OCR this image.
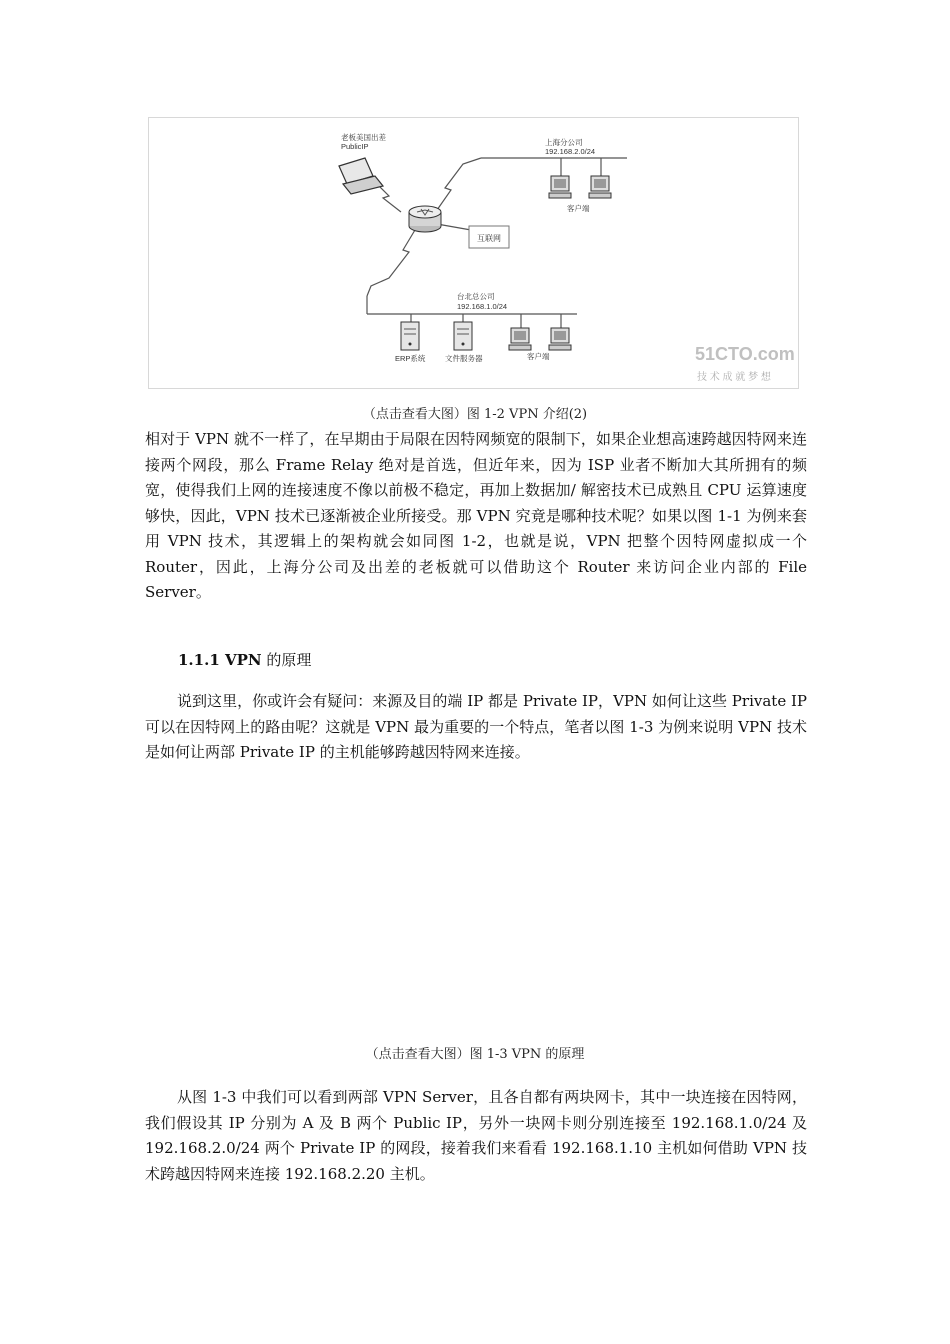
互联网
老板美国出差
PublicIP	上海分公司
192.168.2.0/24
客户端
台北总公司
192.168.1.0/24
ERP系统	文件服务器	客户端	51CTO.com
技 术 成 就 梦 想
（点击查看大图）图 1-2 VPN 介绍(2)

相对于 VPN 就不一样了，在早期由于局限在因特网频宽的限制下，如果企业想高速跨越因特网来连接两个网段，那么 Frame Relay 绝对是首选，但近年来，因为 ISP 业者不断加大其所拥有的频宽，使得我们上网的连接速度不像以前极不稳定，再加上数据加/ 解密技术已成熟且 CPU 运算速度够快，因此，VPN 技术已逐渐被企业所接受。那 VPN 究竟是哪种技术呢？如果以图 1-1 为例来套用 VPN 技术，其逻辑上的架构就会如同图 1-2，也就是说，VPN 把整个因特网虚拟成一个 Router，因此，上海分公司及出差的老板就可以借助这个 Router 来访问企业内部的 File Server。

1.1.1 VPN 的原理

说到这里，你或许会有疑问：来源及目的端 IP 都是 Private IP，VPN 如何让这些 Private IP 可以在因特网上的路由呢？这就是 VPN 最为重要的一个特点，笔者以图 1-3 为例来说明 VPN 技术是如何让两部 Private IP 的主机能够跨越因特网来连接。

（点击查看大图）图 1-3 VPN 的原理

从图 1-3 中我们可以看到两部 VPN Server，且各自都有两块网卡，其中一块连接在因特网，我们假设其 IP 分别为 A 及 B 两个 Public IP，另外一块网卡则分别连接至 192.168.1.0/24 及 192.168.2.0/24 两个 Private IP 的网段，接着我们来看看 192.168.1.10 主机如何借助 VPN 技术跨越因特网来连接 192.168.2.20 主机。
